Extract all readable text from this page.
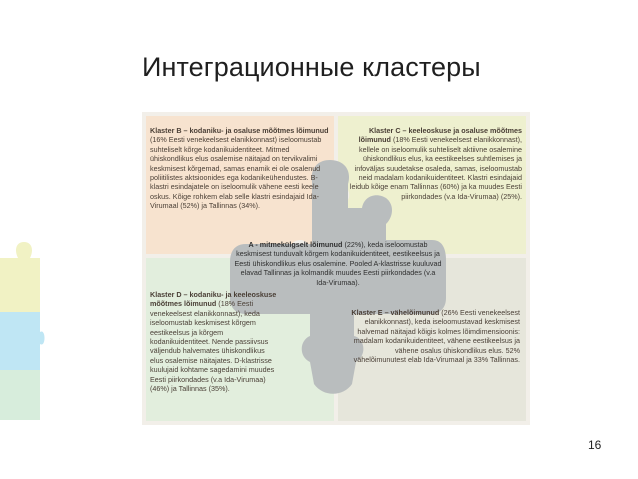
Интеграционные кластеры

Klaster B – kodaniku- ja osaluse mõõtmes lõimunud (16% Eesti venekeelsest elanikkonnast) iseloomustab suhteliselt kõrge kodanikuidentiteet. Mitmed ühiskondlikus elus osalemise näitajad on tervikvalimi keskmisest kõrgemad, samas enamik ei ole osalenud poliitilistes aktsioonides ega kodanikeühendustes. B-klastri esindajatele on iseloomulik vähene eesti keele oskus. Kõige rohkem elab selle klastri esindajaid Ida-Virumaal (52%) ja Tallinnas (34%).

Klaster C – keeleoskuse ja osaluse mõõtmes lõimunud (18% Eesti venekeelsest elanikkonnast), kellele on iseloomulik suhteliselt aktiivne osalemine ühiskondlikus elus, ka eestikeelses suhtlemises ja infoväljas suudetakse osaleda, samas, iseloomustab neid madalam kodanikuidentiteet. Klastri esindajaid leidub kõige enam Tallinnas (60%) ja ka muudes Eesti piirkondades (v.a Ida-Virumaa) (25%).

A - mitmekülgselt lõimunud (22%), keda iseloomustab keskmisest tunduvalt kõrgem kodanikuidentiteet, eestikeelsus ja Eesti ühiskondlikus elus osalemine. Pooled A-klastrisse kuuluvad elavad Tallinnas ja kolmandik muudes Eesti piirkondades (v.a Ida-Virumaa).

Klaster D – kodaniku- ja keeleoskuse mõõtmes lõimunud (18% Eesti venekeelsest elanikkonnast), keda iseloomustab keskmisest kõrgem eestikeelsus ja kõrgem kodanikuidentiteet. Nende passiivsus väljendub halvemates ühiskondlikus elus osalemise näitajates. D-klastrisse kuulujaid kohtame sagedamini muudes Eesti piirkondades (v.a Ida-Virumaa) (46%) ja Tallinnas (35%).

Klaster E – vähelõimunud (26% Eesti venekeelsest elanikkonnast), keda iseloomustavad keskmisest halvemad näitajad kõigis kolmes lõimdimensioonis: madalam kodanikuidentiteet, vähene eestikeelsus ja vähene osalus ühiskondlikus elus. 52% vähelõimunutest elab Ida-Virumaal ja 33% Tallinnas.

16
